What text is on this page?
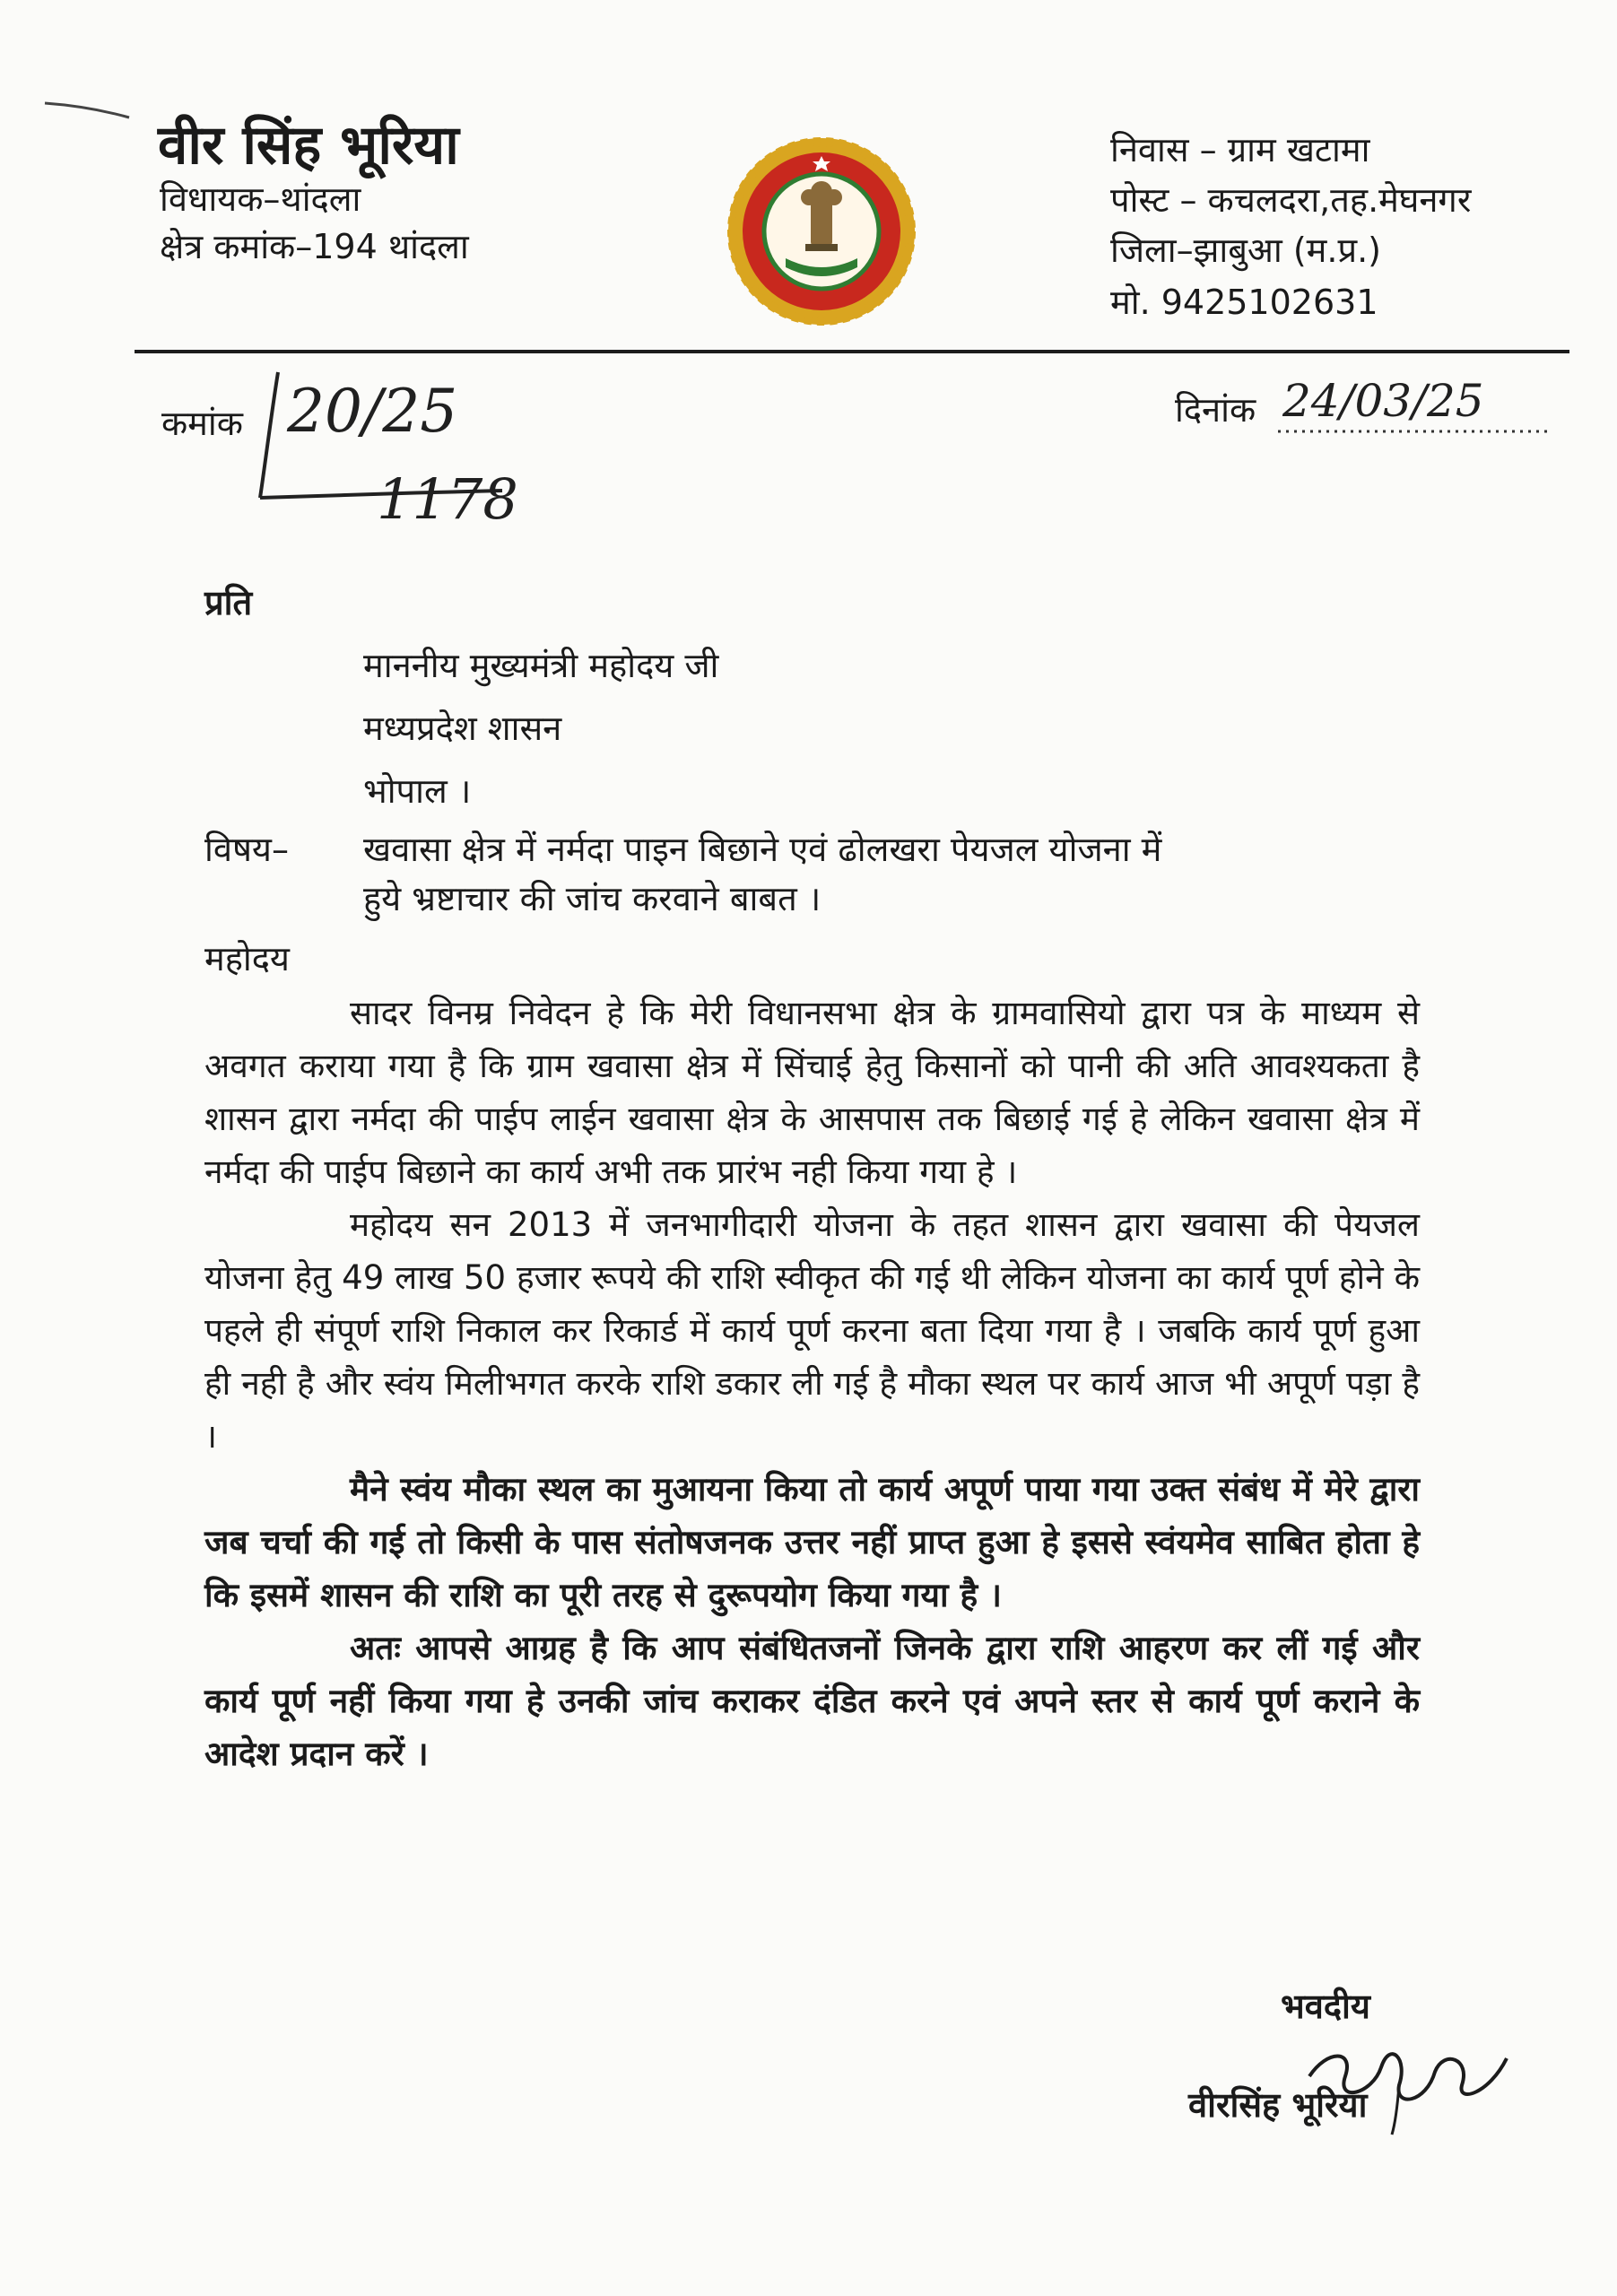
वीर सिंह भूरिया
विधायक–थांदला
क्षेत्र कमांक–194 थांदला
निवास – ग्राम खटामा
पोस्ट – कचलदरा,तह.मेघनगर
जिला–झाबुआ (म.प्र.)
मो. 9425102631
कमांक 20/25
1178
दिनांक 24/03/25
प्रति
माननीय मुख्यमंत्री महोदय जी
मध्यप्रदेश शासन
भोपाल ।
विषय– खवासा क्षेत्र में नर्मदा पाइन बिछाने एवं ढोलखरा पेयजल योजना में
हुये भ्रष्टाचार की जांच करवाने बाबत ।
महोदय

सादर विनम्र निवेदन हे कि मेरी विधानसभा क्षेत्र के ग्रामवासियो द्वारा पत्र के माध्यम से अवगत कराया गया है कि ग्राम खवासा क्षेत्र में सिंचाई हेतु किसानों को पानी की अति आवश्यकता है शासन द्वारा नर्मदा की पाईप लाईन खवासा क्षेत्र के आसपास तक बिछाई गई हे लेकिन खवासा क्षेत्र में नर्मदा की पाईप बिछाने का कार्य अभी तक प्रारंभ नही किया गया हे ।

महोदय सन 2013 में जनभागीदारी योजना के तहत शासन द्वारा खवासा की पेयजल योजना हेतु 49 लाख 50 हजार रूपये की राशि स्वीकृत की गई थी लेकिन योजना का कार्य पूर्ण होने के पहले ही संपूर्ण राशि निकाल कर रिकार्ड में कार्य पूर्ण करना बता दिया गया है । जबकि कार्य पूर्ण हुआ ही नही है और स्वंय मिलीभगत करके राशि डकार ली गई है मौका स्थल पर कार्य आज भी अपूर्ण पड़ा है ।

मैने स्वंय मौका स्थल का मुआयना किया तो कार्य अपूर्ण पाया गया उक्त संबंध में मेरे द्वारा जब चर्चा की गई तो किसी के पास संतोषजनक उत्तर नहीं प्राप्त हुआ हे इससे स्वंयमेव साबित होता हे कि इसमें शासन की राशि का पूरी तरह से दुरूपयोग किया गया है ।

अतः आपसे आग्रह है कि आप संबंधितजनों जिनके द्वारा राशि आहरण कर लीं गई और कार्य पूर्ण नहीं किया गया हे उनकी जांच कराकर दंडित करने एवं अपने स्तर से कार्य पूर्ण कराने के आदेश प्रदान करें ।

भवदीय
वीरसिंह भूरिया
